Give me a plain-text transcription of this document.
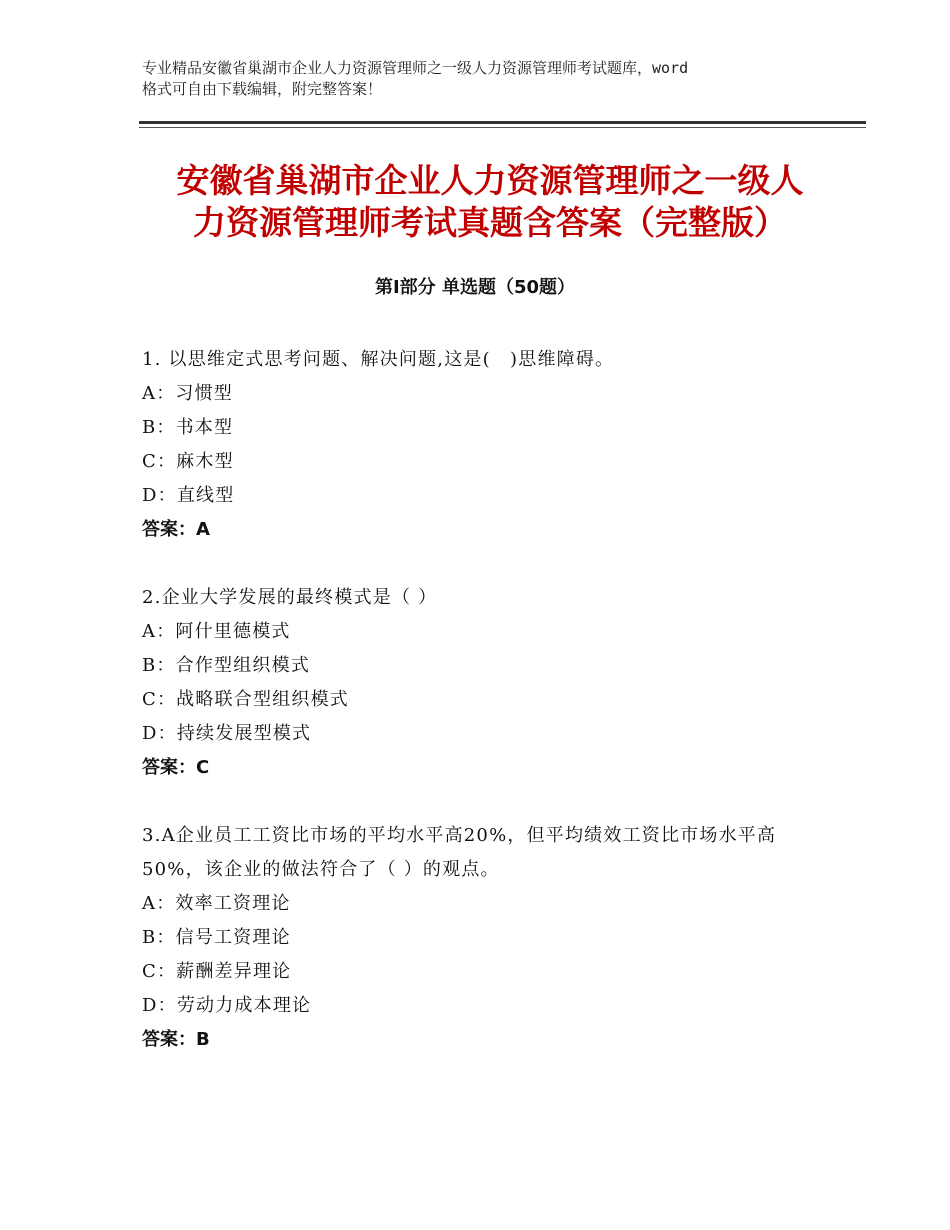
专业精品安徽省巢湖市企业人力资源管理师之一级人力资源管理师考试题库，word
格式可自由下载编辑，附完整答案！
安徽省巢湖市企业人力资源管理师之一级人
力资源管理师考试真题含答案（完整版）
第Ⅰ部分 单选题（50题）

1. 以思维定式思考问题、解决问题,这是(　)思维障碍。

A：习惯型

B：书本型

C：麻木型

D：直线型

答案：A

2.企业大学发展的最终模式是（ ）

A：阿什里德模式

B：合作型组织模式

C：战略联合型组织模式

D：持续发展型模式

答案：C

3.A企业员工工资比市场的平均水平高20%，但平均绩效工资比市场水平高50%，该企业的做法符合了（ ）的观点。

A：效率工资理论

B：信号工资理论

C：薪酬差异理论

D：劳动力成本理论

答案：B
